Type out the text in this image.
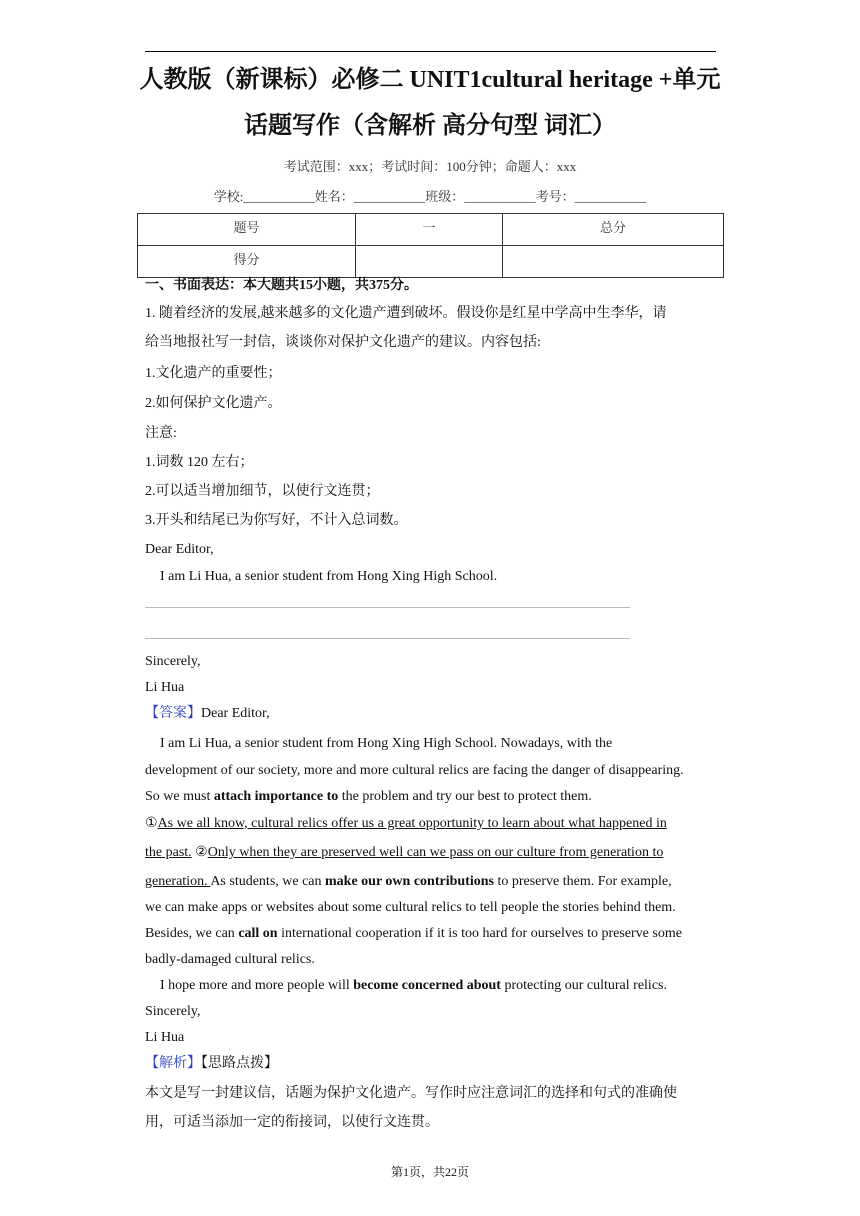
人教版（新课标）必修二 UNIT1cultural heritage +单元
话题写作（含解析 高分句型 词汇）
考试范围：xxx；考试时间：100分钟；命题人：xxx
学校:___________姓名：___________班级：___________考号：___________
题号	一	总分
得分		
一、书面表达：本大题共15小题，共375分。
1. 随着经济的发展,越来越多的文化遗产遭到破坏。假设你是红星中学高中生李华，请
给当地报社写一封信，谈谈你对保护文化遗产的建议。内容包括:
1.文化遗产的重要性；
2.如何保护文化遗产。
注意:
1.词数 120 左右；
2.可以适当增加细节，以使行文连贯；
3.开头和结尾已为你写好，不计入总词数。
Dear Editor,
I am Li Hua, a senior student from Hong Xing High School.
Sincerely,
Li Hua
【答案】Dear Editor,
I am Li Hua, a senior student from Hong Xing High School. Nowadays, with the
development of our society, more and more cultural relics are facing the danger of disappearing.
So we must attach importance to the problem and try our best to protect them.
①As we all know, cultural relics offer us a great opportunity to learn about what happened in
the past. ②Only when they are preserved well can we pass on our culture from generation to
generation. As students, we can make our own contributions to preserve them. For example,
we can make apps or websites about some cultural relics to tell people the stories behind them.
Besides, we can call on international cooperation if it is too hard for ourselves to preserve some
badly-damaged cultural relics.
I hope more and more people will become concerned about protecting our cultural relics.
Sincerely,
Li Hua
【解析】【思路点拨】
本文是写一封建议信，话题为保护文化遗产。写作时应注意词汇的选择和句式的准确使
用，可适当添加一定的衔接词，以使行文连贯。
第1页，共22页
